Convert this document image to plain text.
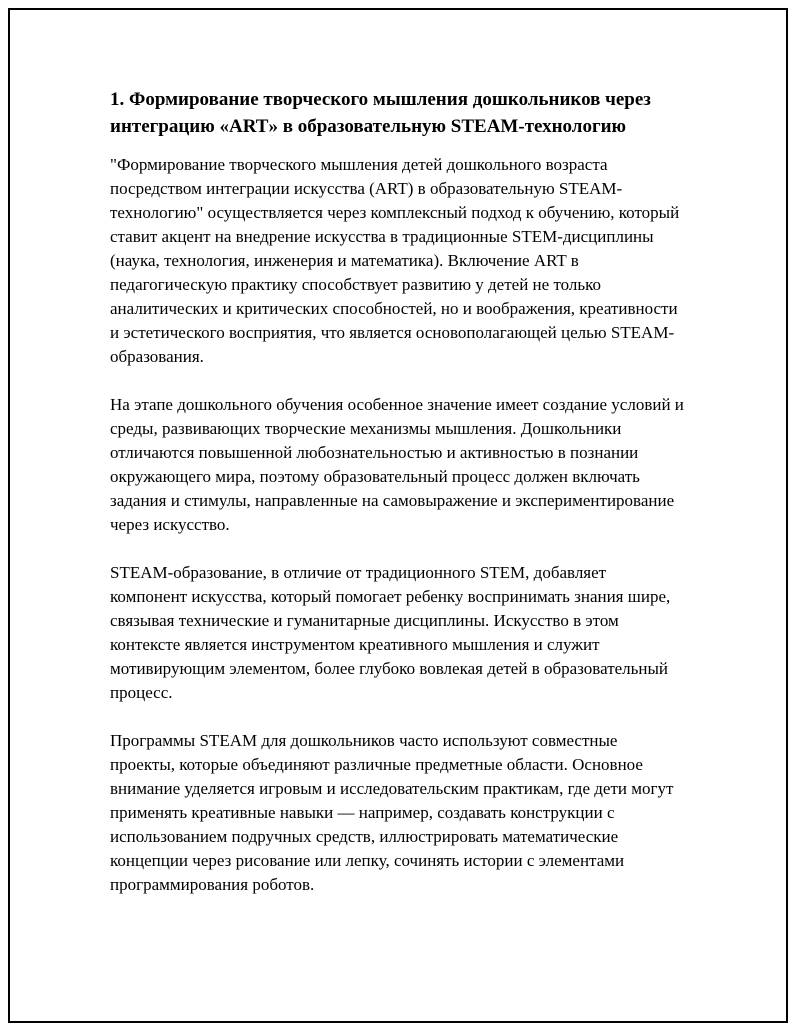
1. Формирование творческого мышления дошкольников через интеграцию «ART» в образовательную STEAM-технологию

"Формирование творческого мышления детей дошкольного возраста посредством интеграции искусства (ART) в образовательную STEAM-технологию" осуществляется через комплексный подход к обучению, который ставит акцент на внедрение искусства в традиционные STEM-дисциплины (наука, технология, инженерия и математика). Включение ART в педагогическую практику способствует развитию у детей не только аналитических и критических способностей, но и воображения, креативности и эстетического восприятия, что является основополагающей целью STEAM-образования.

На этапе дошкольного обучения особенное значение имеет создание условий и среды, развивающих творческие механизмы мышления. Дошкольники отличаются повышенной любознательностью и активностью в познании окружающего мира, поэтому образовательный процесс должен включать задания и стимулы, направленные на самовыражение и экспериментирование через искусство.

STEAM-образование, в отличие от традиционного STEM, добавляет компонент искусства, который помогает ребенку воспринимать знания шире, связывая технические и гуманитарные дисциплины. Искусство в этом контексте является инструментом креативного мышления и служит мотивирующим элементом, более глубоко вовлекая детей в образовательный процесс.

Программы STEAM для дошкольников часто используют совместные проекты, которые объединяют различные предметные области. Основное внимание уделяется игровым и исследовательским практикам, где дети могут применять креативные навыки — например, создавать конструкции с использованием подручных средств, иллюстрировать математические концепции через рисование или лепку, сочинять истории с элементами программирования роботов.
